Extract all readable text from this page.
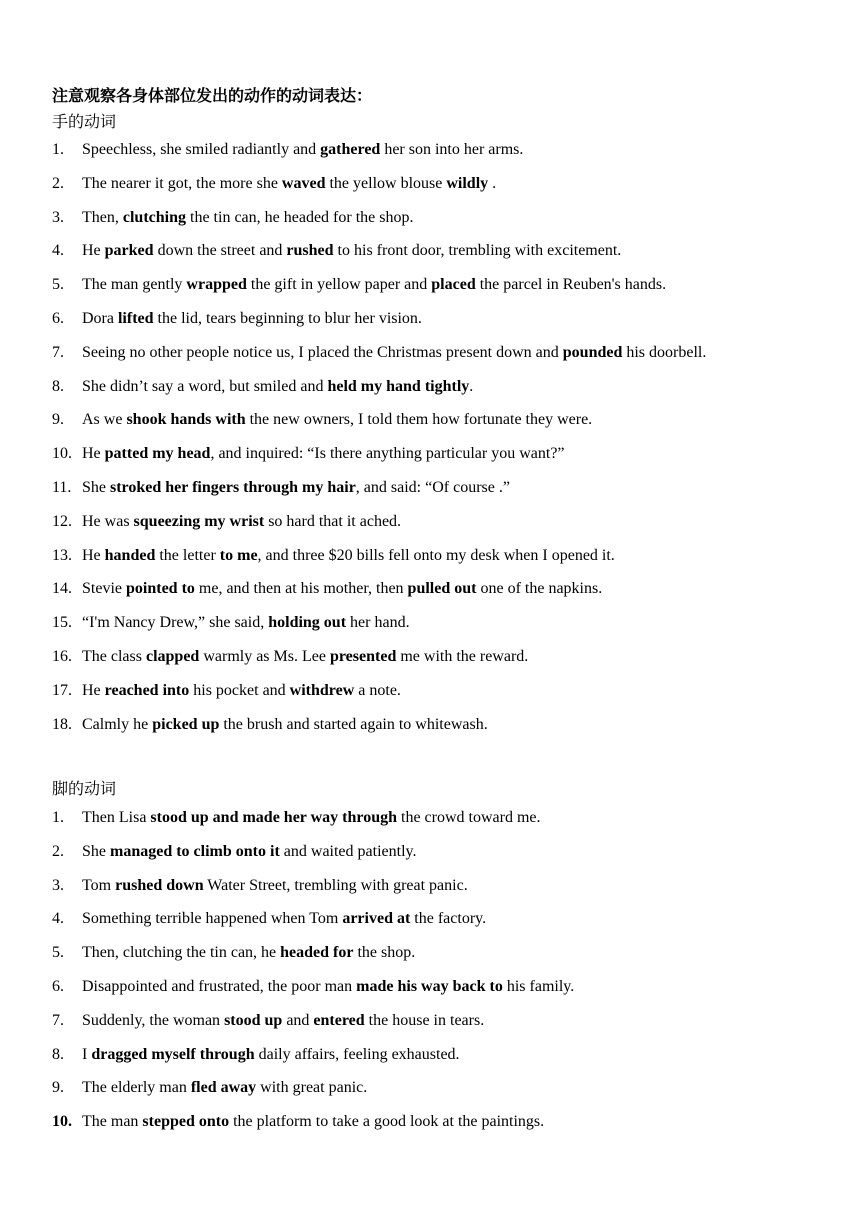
注意观察各身体部位发出的动作的动词表达：
手的动词
1. Speechless, she smiled radiantly and gathered her son into her arms.
2. The nearer it got, the more she waved the yellow blouse wildly .
3. Then, clutching the tin can, he headed for the shop.
4. He parked down the street and rushed to his front door, trembling with excitement.
5. The man gently wrapped the gift in yellow paper and placed the parcel in Reuben's hands.
6. Dora lifted the lid, tears beginning to blur her vision.
7. Seeing no other people notice us, I placed the Christmas present down and pounded his doorbell.
8. She didn’t say a word, but smiled and held my hand tightly.
9. As we shook hands with the new owners, I told them how fortunate they were.
10. He patted my head, and inquired: “Is there anything particular you want?”
11. She stroked her fingers through my hair, and said: “Of course .”
12. He was squeezing my wrist so hard that it ached.
13. He handed the letter to me, and three $20 bills fell onto my desk when I opened it.
14. Stevie pointed to me, and then at his mother, then pulled out one of the napkins.
15. “I'm Nancy Drew,” she said, holding out her hand.
16. The class clapped warmly as Ms. Lee presented me with the reward.
17. He reached into his pocket and withdrew a note.
18. Calmly he picked up the brush and started again to whitewash.
脚的动词
1. Then Lisa stood up and made her way through the crowd toward me.
2. She managed to climb onto it and waited patiently.
3. Tom rushed down Water Street, trembling with great panic.
4. Something terrible happened when Tom arrived at the factory.
5. Then, clutching the tin can, he headed for the shop.
6. Disappointed and frustrated, the poor man made his way back to his family.
7. Suddenly, the woman stood up and entered the house in tears.
8. I dragged myself through daily affairs, feeling exhausted.
9. The elderly man fled away with great panic.
10. The man stepped onto the platform to take a good look at the paintings.
